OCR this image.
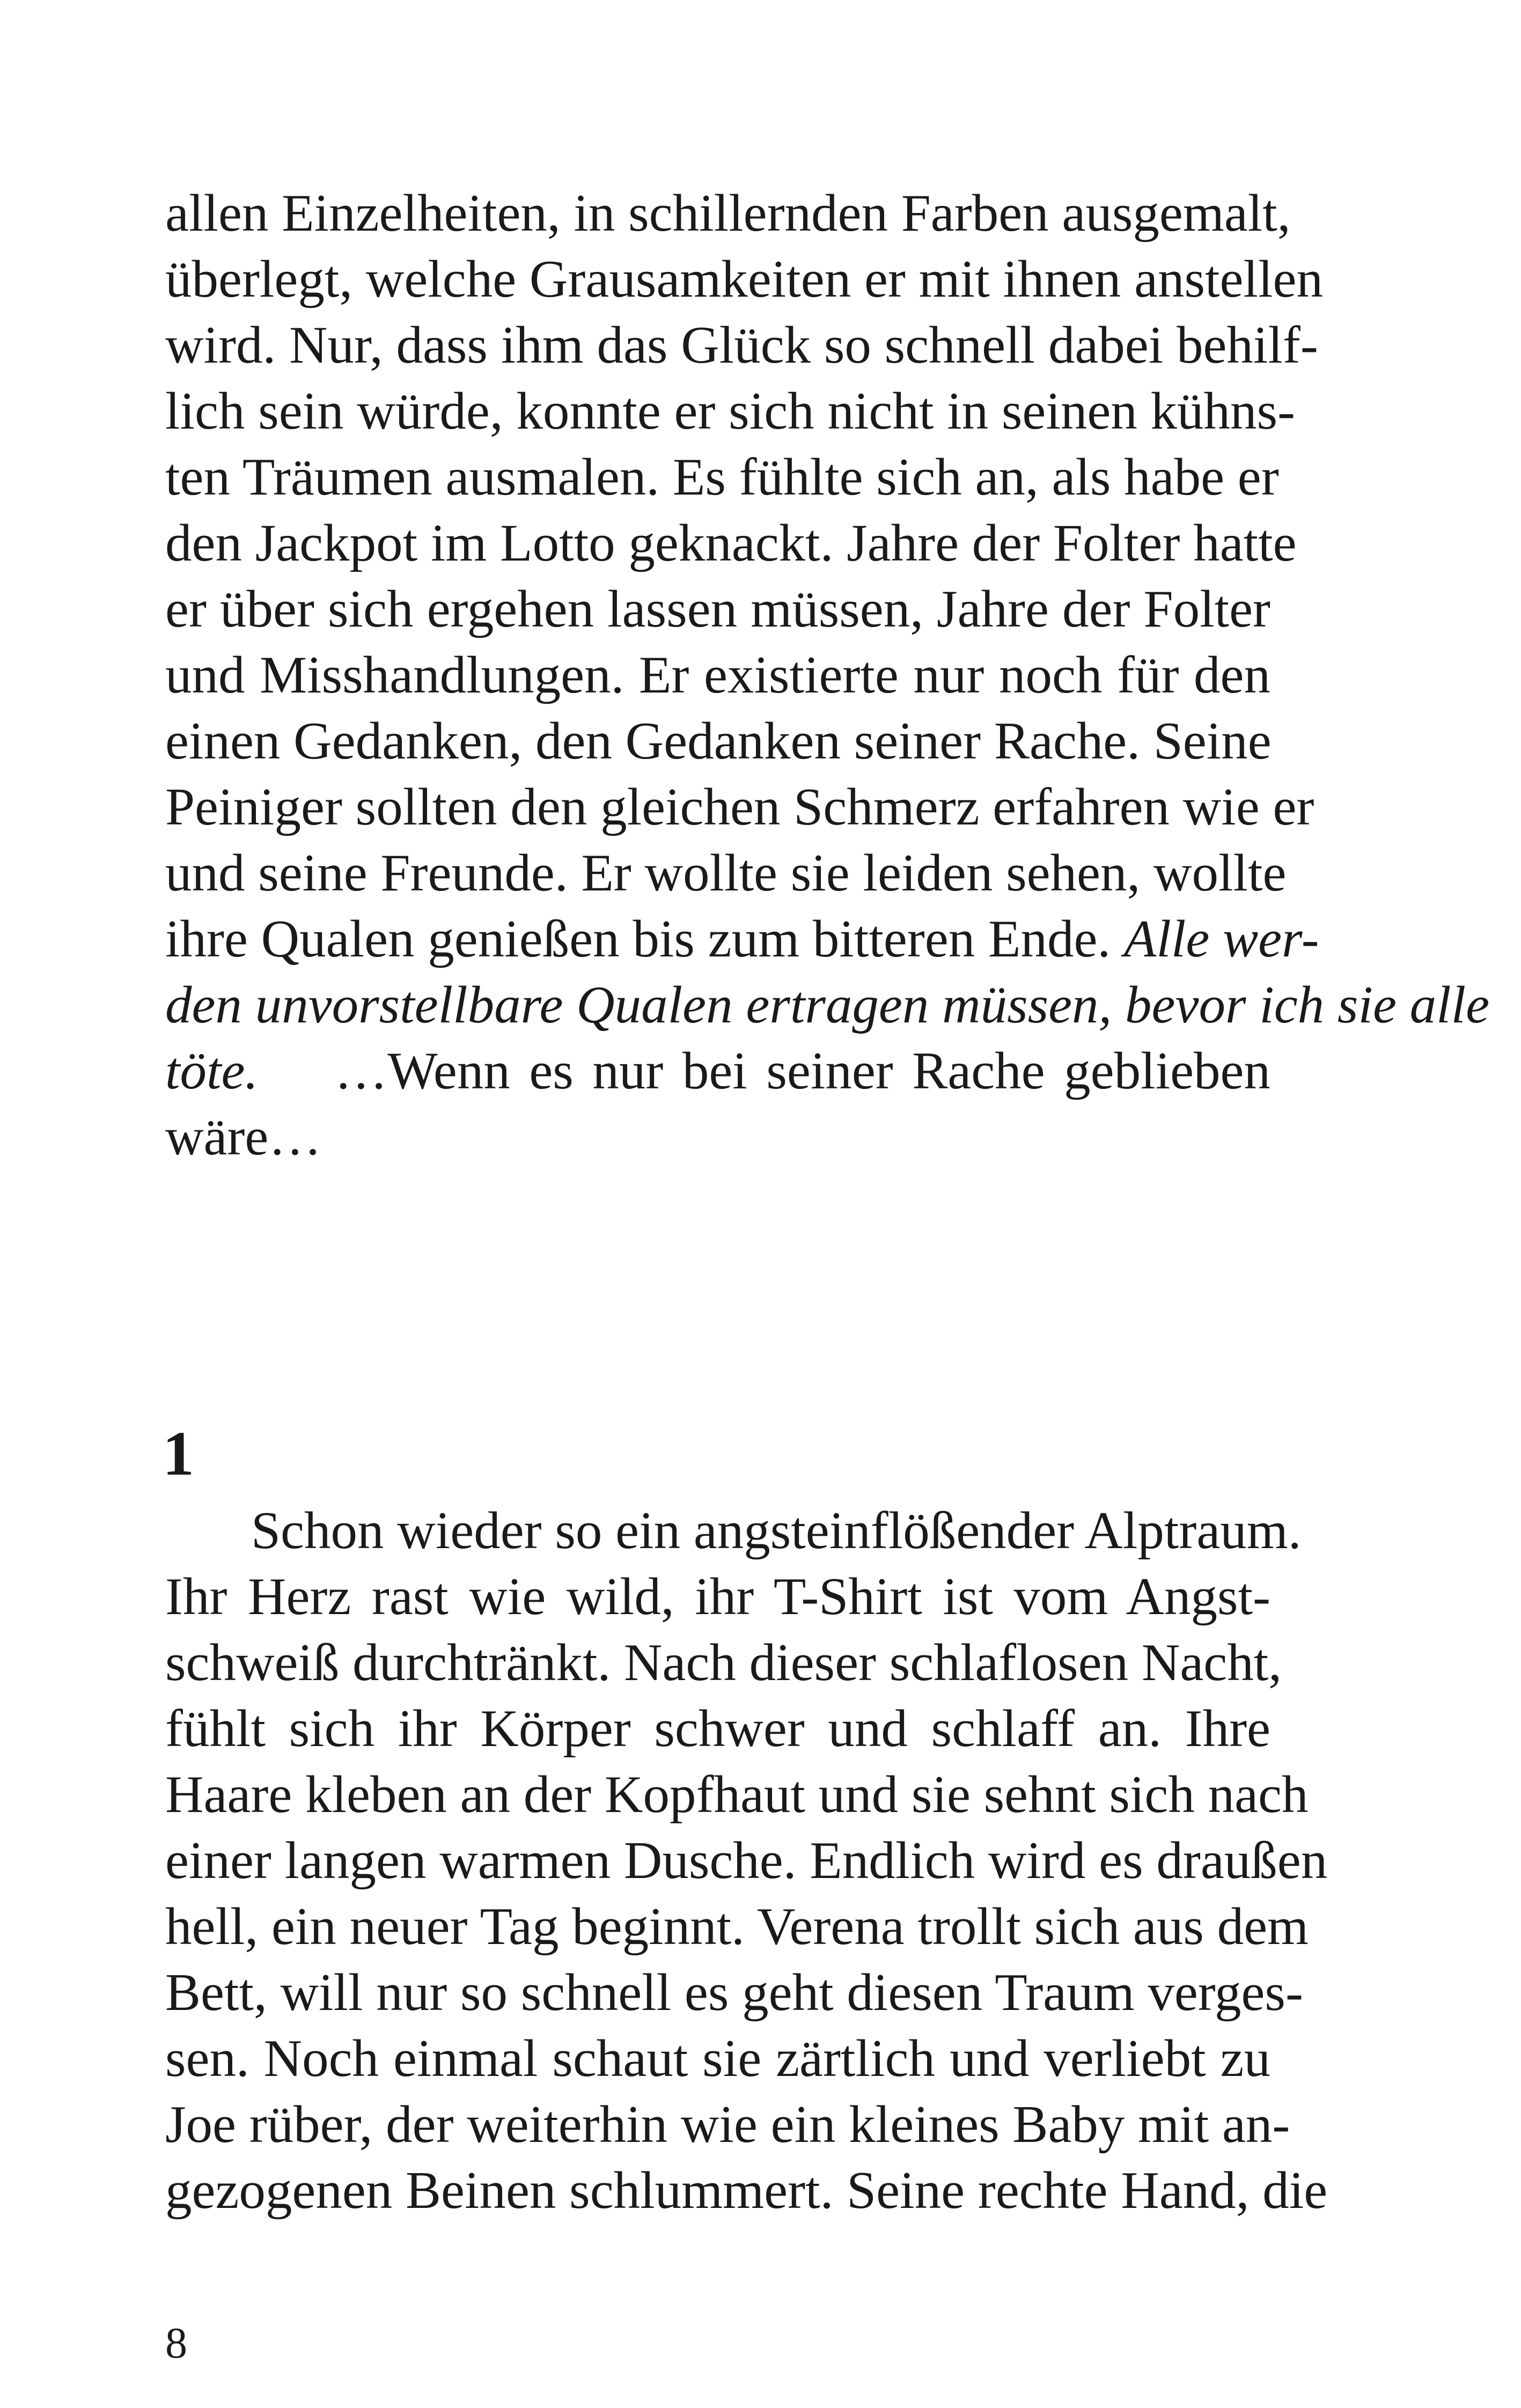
allen Einzelheiten, in schillernden Farben ausgemalt,
überlegt, welche Grausamkeiten er mit ihnen anstellen
wird. Nur, dass ihm das Glück so schnell dabei behilf-
lich sein würde, konnte er sich nicht in seinen kühns-
ten Träumen ausmalen. Es fühlte sich an, als habe er
den Jackpot im Lotto geknackt. Jahre der Folter hatte
er über sich ergehen lassen müssen, Jahre der Folter
und Misshandlungen. Er existierte nur noch für den
einen Gedanken, den Gedanken seiner Rache. Seine
Peiniger sollten den gleichen Schmerz erfahren wie er
und seine Freunde. Er wollte sie leiden sehen, wollte
ihre Qualen genießen bis zum bitteren Ende. Alle wer-
den unvorstellbare Qualen ertragen müssen, bevor ich sie alle
töte. …Wenn es nur bei seiner Rache geblieben
wäre…
1
Schon wieder so ein angsteinflößender Alptraum.
Ihr Herz rast wie wild, ihr T-Shirt ist vom Angst-
schweiß durchtränkt. Nach dieser schlaflosen Nacht,
fühlt sich ihr Körper schwer und schlaff an. Ihre
Haare kleben an der Kopfhaut und sie sehnt sich nach
einer langen warmen Dusche. Endlich wird es draußen
hell, ein neuer Tag beginnt. Verena trollt sich aus dem
Bett, will nur so schnell es geht diesen Traum verges-
sen. Noch einmal schaut sie zärtlich und verliebt zu
Joe rüber, der weiterhin wie ein kleines Baby mit an-
gezogenen Beinen schlummert. Seine rechte Hand, die
8
